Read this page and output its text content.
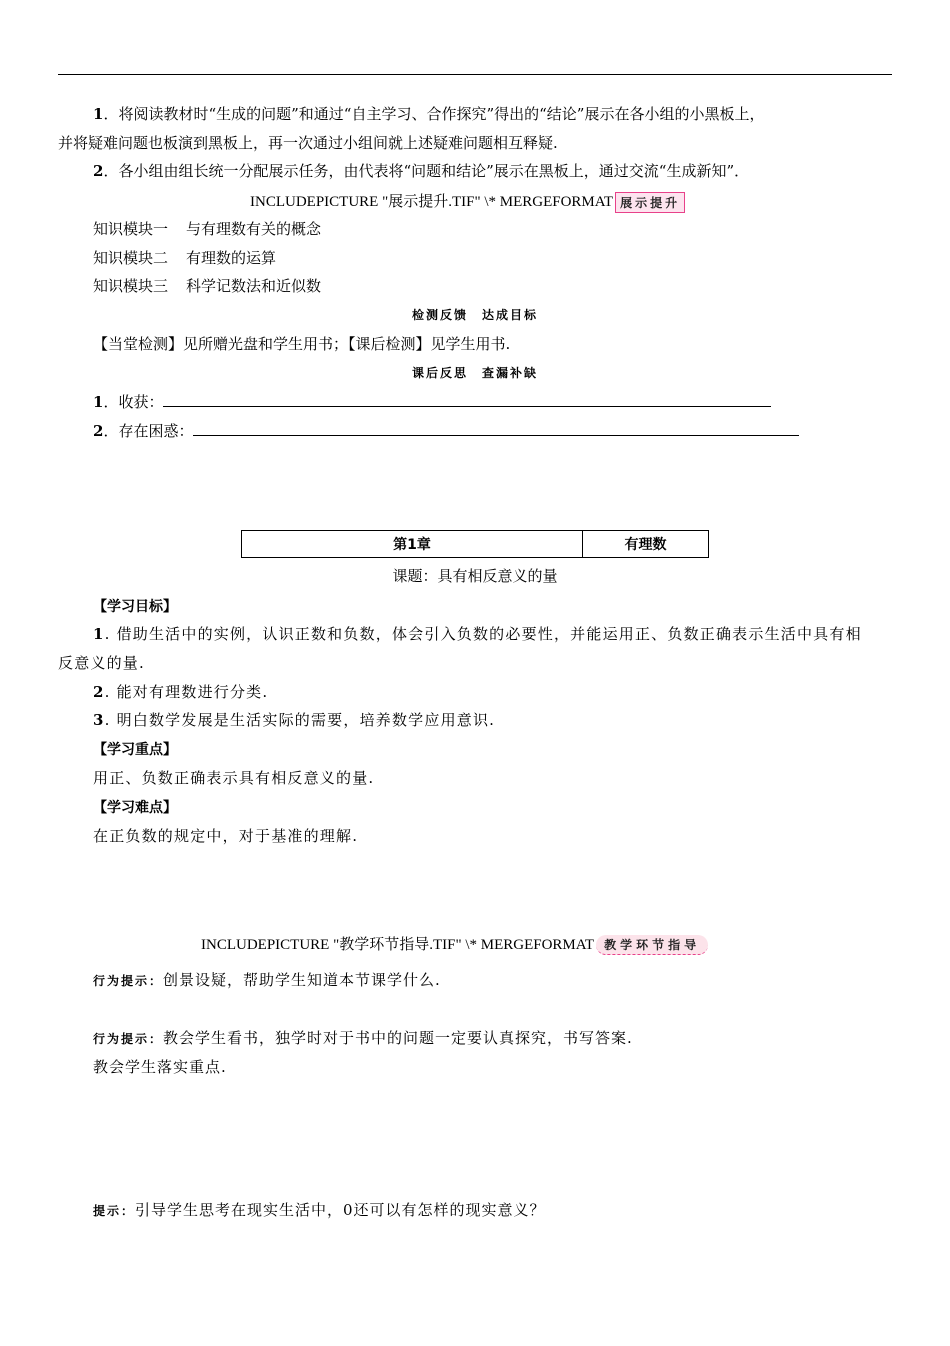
1．将阅读教材时“生成的问题”和通过“自主学习、合作探究”得出的“结论”展示在各小组的小黑板上，
并将疑难问题也板演到黑板上，再一次通过小组间就上述疑难问题相互释疑.
2．各小组由组长统一分配展示任务，由代表将“问题和结论”展示在黑板上，通过交流“生成新知”．
INCLUDEPICTURE "展示提升.TIF" \* MERGEFORMAT 展示提升
知识模块一 与有理数有关的概念
知识模块二 有理数的运算
知识模块三 科学记数法和近似数
检测反馈　达成目标
【当堂检测】见所赠光盘和学生用书；【课后检测】见学生用书.
课后反思　查漏补缺
1．收获：
2．存在困惑：
第1章	有理数
课题：具有相反意义的量
【学习目标】
1. 借助生活中的实例，认识正数和负数，体会引入负数的必要性，并能运用正、负数正确表示生活中具有相
反意义的量.
2. 能对有理数进行分类.
3. 明白数学发展是生活实际的需要，培养数学应用意识.
【学习重点】
用正、负数正确表示具有相反意义的量.
【学习难点】
在正负数的规定中，对于基准的理解.
INCLUDEPICTURE "教学环节指导.TIF" \* MERGEFORMAT 教学环节指导
行为提示：创景设疑，帮助学生知道本节课学什么.
行为提示：教会学生看书，独学时对于书中的问题一定要认真探究，书写答案.
教会学生落实重点.
提示：引导学生思考在现实生活中，0还可以有怎样的现实意义？
